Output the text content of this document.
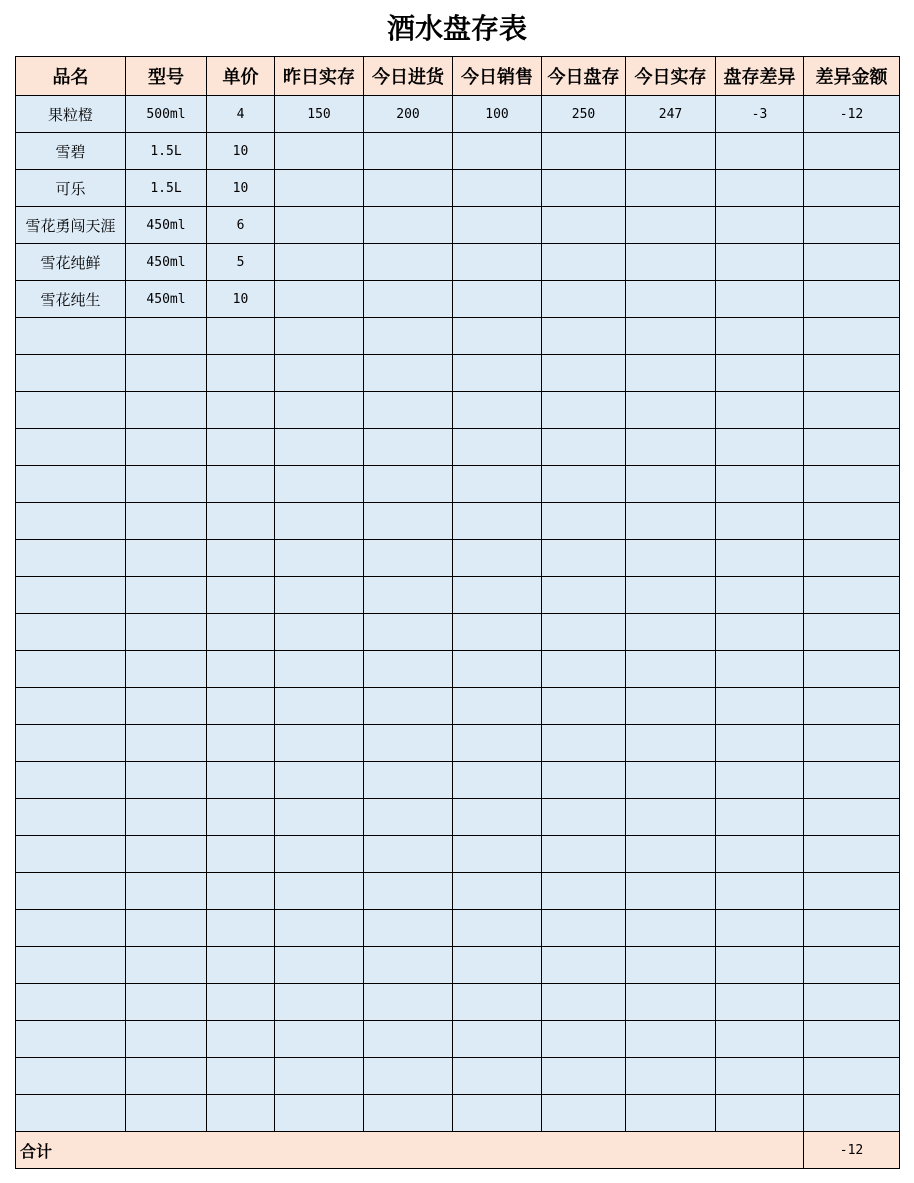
酒水盘存表
品名	型号	单价	昨日实存	今日进货	今日销售	今日盘存	今日实存	盘存差异	差异金额
果粒橙	500ml	4	150	200	100	250	247	-3	-12
雪碧	1.5L	10							
可乐	1.5L	10							
雪花勇闯天涯	450ml	6							
雪花纯鲜	450ml	5							
雪花纯生	450ml	10							

合计									-12
